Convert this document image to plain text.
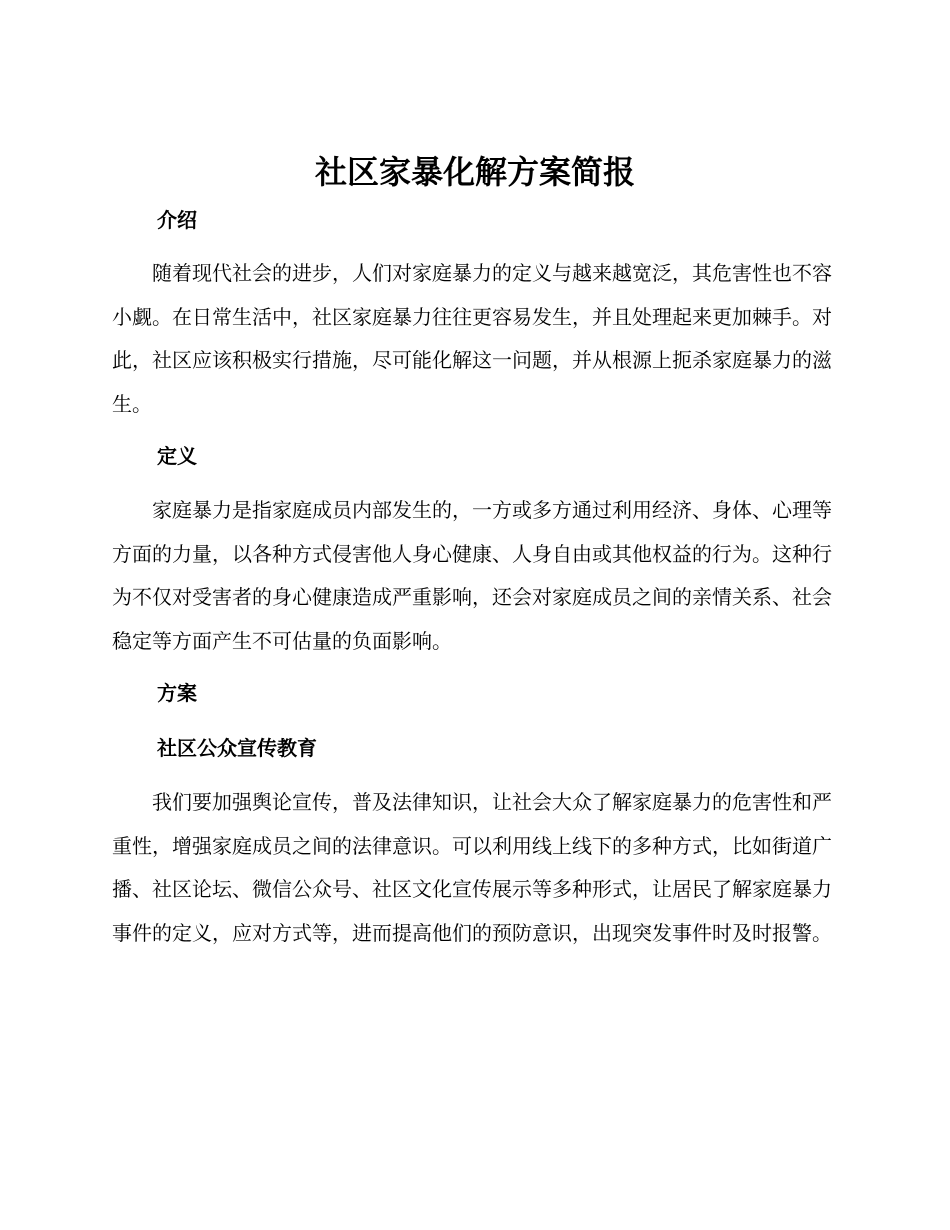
社区家暴化解方案简报
介绍

随着现代社会的进步，人们对家庭暴力的定义与越来越宽泛，其危害性也不容小觑。在日常生活中，社区家庭暴力往往更容易发生，并且处理起来更加棘手。对此，社区应该积极实行措施，尽可能化解这一问题，并从根源上扼杀家庭暴力的滋生。

定义

家庭暴力是指家庭成员内部发生的，一方或多方通过利用经济、身体、心理等方面的力量，以各种方式侵害他人身心健康、人身自由或其他权益的行为。这种行为不仅对受害者的身心健康造成严重影响，还会对家庭成员之间的亲情关系、社会稳定等方面产生不可估量的负面影响。

方案
社区公众宣传教育

我们要加强舆论宣传，普及法律知识，让社会大众了解家庭暴力的危害性和严重性，增强家庭成员之间的法律意识。可以利用线上线下的多种方式，比如街道广播、社区论坛、微信公众号、社区文化宣传展示等多种形式，让居民了解家庭暴力事件的定义，应对方式等，进而提高他们的预防意识，出现突发事件时及时报警。
